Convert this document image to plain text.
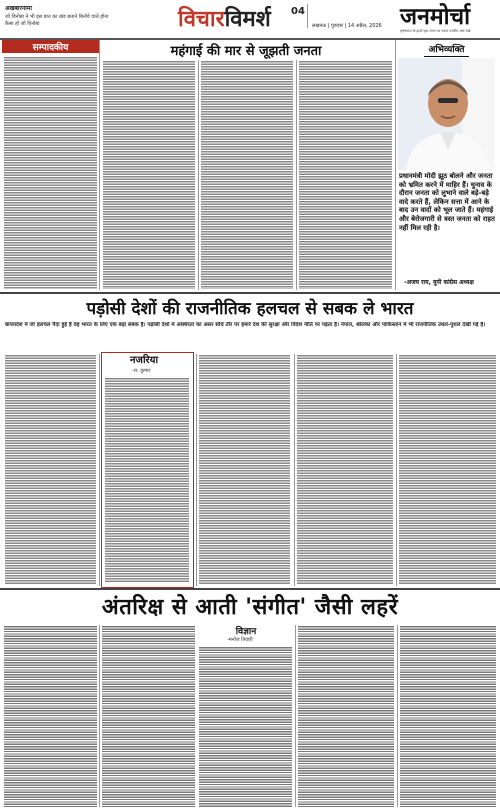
अखबारनामा
जो विनोबा ने भी इस बात का खंड बताने बिनोवे वाले होना
कैसा हो जो विनोबा	विचार विमर्श	लखनऊ | गुरुवार | 14 अप्रैल, 2026
04	जनमोर्चा
कृष्णपाल के हाथों वृक्ष जगत पर एकल उत्तरीय अंक देखे
सम्पादकीय	महंगाई की मार से जूझती जनता	अभिव्यक्ति
प्रधानमंत्री मोदी झूठ बोलने और जनता को भ्रमित करने में माहिर हैं। चुनाव के दौरान जनता को लुभाने वाले बड़े-बड़े वादे करते हैं, लेकिन सत्ता में आने के बाद उन वादों को भूल जाते हैं। महंगाई और बेरोजगारी से त्रस्त जनता को राहत नहीं मिल रही है।
-अजय राय, यूपी कांग्रेस अध्यक्ष
पड़ोसी देशों की राजनीतिक हलचल से सबक ले भारत
बांग्लादेश में जो हलचल पैदा हुई है वह भारत के लिए एक बड़ा सबक है। पड़ोसी देशों में अस्थिरता का असर सीधे तौर पर हमारे देश की सुरक्षा और विदेश नीति पर पड़ता है। नेपाल, श्रीलंका और पाकिस्तान में भी राजनीतिक उथल-पुथल देखी गई है।
नजरिया
-रा. कुमार
अंतरिक्ष से आती 'संगीत' जैसी लहरें
विज्ञान
-मनोज तिवारी
